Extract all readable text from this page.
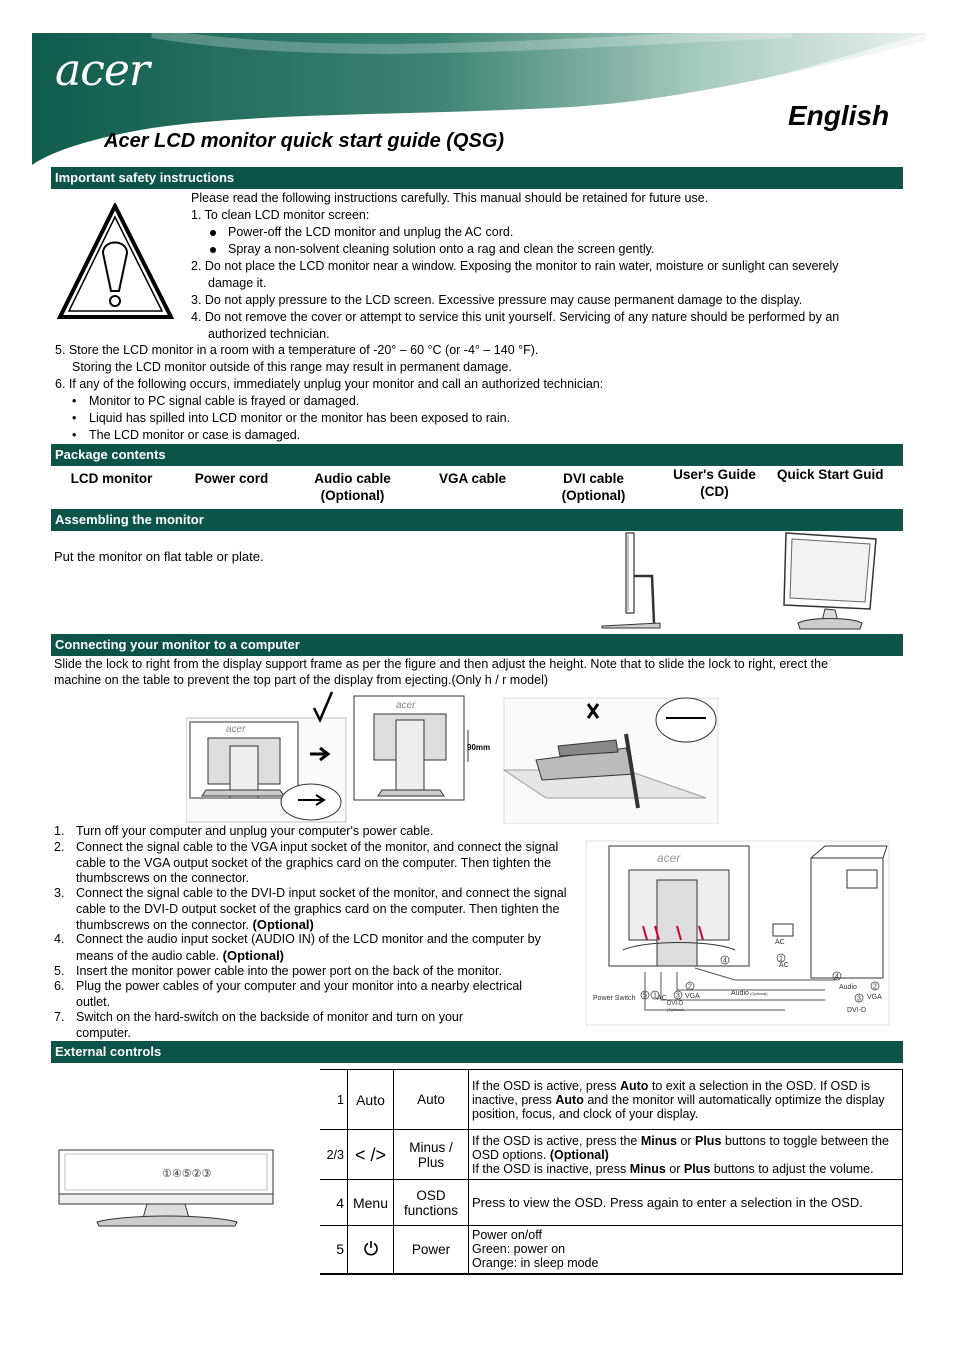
acer
English
Acer LCD monitor quick start guide (QSG)
Important safety instructions
Please read the following instructions carefully. This manual should be retained for future use.
1. To clean LCD monitor screen:
Power-off the LCD monitor and unplug the AC cord.
Spray a non-solvent cleaning solution onto a rag and clean the screen gently.
2. Do not place the LCD monitor near a window. Exposing the monitor to rain water, moisture or sunlight can severely
damage it.
3. Do not apply pressure to the LCD screen. Excessive pressure may cause permanent damage to the display.
4. Do not remove the cover or attempt to service this unit yourself. Servicing of any nature should be performed by an
authorized technician.
5. Store the LCD monitor in a room with a temperature of -20° – 60 °C (or -4° – 140 °F).
Storing the LCD monitor outside of this range may result in permanent damage.
6. If any of the following occurs, immediately unplug your monitor and call an authorized technician:
• Monitor to PC signal cable is frayed or damaged.
• Liquid has spilled into LCD monitor or the monitor has been exposed to rain.
• The LCD monitor or case is damaged.
Package contents
LCD monitor	Power cord	Audio cable
(Optional)
VGA cable	DVI cable
(Optional)
User's Guide
(CD)
Quick Start Guid
Assembling the monitor
Put the monitor on flat table or plate.
Connecting your monitor to a computer
Slide the lock to right from the display support frame as per the figure and then adjust the height. Note that to slide the lock to right, erect the
machine on the table to prevent the top part of the display from ejecting.(Only h / r model)
acer
acer
90mm
1. Turn off your computer and unplug your computer's power cable.
2. Connect the signal cable to the VGA input socket of the monitor, and connect the signal cable to the VGA output socket of the graphics card on the computer. Then tighten the thumbscrews on the connector.
3. Connect the signal cable to the DVI-D input socket of the monitor, and connect the signal cable to the DVI-D output socket of the graphics card on the computer. Then tighten the thumbscrews on the connector. (Optional)
4. Connect the audio input socket (AUDIO IN) of the LCD monitor and the computer by means of the audio cable. (Optional)
5. Insert the monitor power cable into the power port on the back of the monitor.
6. Plug the power cables of your computer and your monitor into a nearby electrical outlet.
7. Switch on the hard-switch on the backside of monitor and turn on your computer.
acer
AC
AC
Power Switch	AC
Audio (Optional)
VGA
DVI-D
(Optional)
Audio
VGA
DVI-D
1
1
2	2
3	3
4
4
5
External controls
①④⑤②③
1	Auto	Auto	If the OSD is active, press Auto to exit a selection in the OSD. If OSD is inactive, press Auto and the monitor will automatically optimize the display position, focus, and clock of your display.
2/3	< />	Minus / Plus	If the OSD is active, press the Minus or Plus buttons to toggle between the OSD options. (Optional)
If the OSD is inactive, press Minus or Plus buttons to adjust the volume.
4	Menu	OSD functions	Press to view the OSD. Press again to enter a selection in the OSD.
5		Power	Power on/off
Green: power on
Orange: in sleep mode
